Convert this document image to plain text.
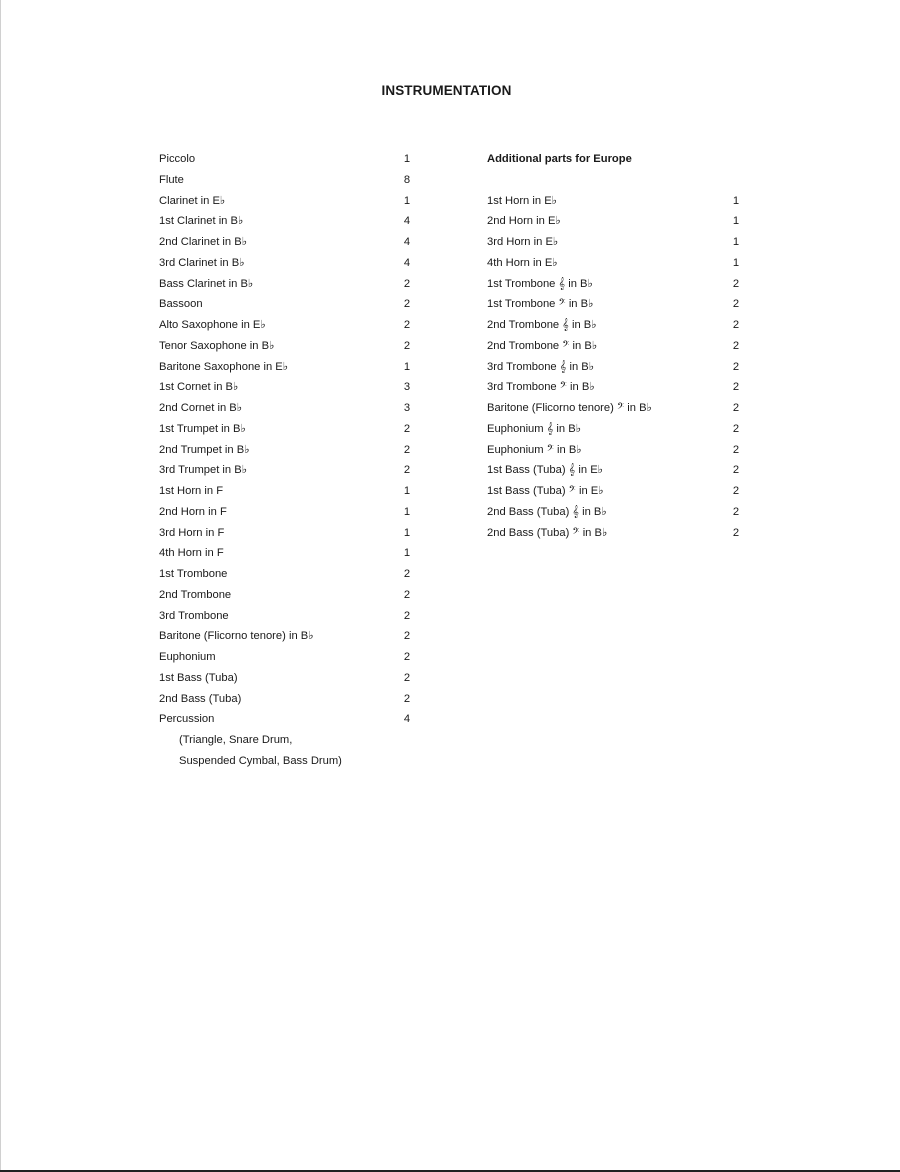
INSTRUMENTATION
Piccolo	1
Flute	8
Clarinet in E♭	1
1st Clarinet in B♭	4
2nd Clarinet in B♭	4
3rd Clarinet in B♭	4
Bass Clarinet in B♭	2
Bassoon	2
Alto Saxophone in E♭	2
Tenor Saxophone in B♭	2
Baritone Saxophone in E♭	1
1st Cornet in B♭	3
2nd Cornet in B♭	3
1st Trumpet in B♭	2
2nd Trumpet in B♭	2
3rd Trumpet in B♭	2
1st Horn in F	1
2nd Horn in F	1
3rd Horn in F	1
4th Horn in F	1
1st Trombone	2
2nd Trombone	2
3rd Trombone	2
Baritone (Flicorno tenore) in B♭	2
Euphonium	2
1st Bass (Tuba)	2
2nd Bass (Tuba)	2
Percussion	4
(Triangle, Snare Drum,
Suspended Cymbal, Bass Drum)
Additional parts for Europe
1st Horn in E♭	1
2nd Horn in E♭	1
3rd Horn in E♭	1
4th Horn in E♭	1
1st Trombone 𝄞 in B♭	2
1st Trombone 𝄢 in B♭	2
2nd Trombone 𝄞 in B♭	2
2nd Trombone 𝄢 in B♭	2
3rd Trombone 𝄞 in B♭	2
3rd Trombone 𝄢 in B♭	2
Baritone (Flicorno tenore) 𝄢 in B♭	2
Euphonium 𝄞 in B♭	2
Euphonium 𝄢 in B♭	2
1st Bass (Tuba) 𝄞 in E♭	2
1st Bass (Tuba) 𝄢 in E♭	2
2nd Bass (Tuba) 𝄞 in B♭	2
2nd Bass (Tuba) 𝄢 in B♭	2
